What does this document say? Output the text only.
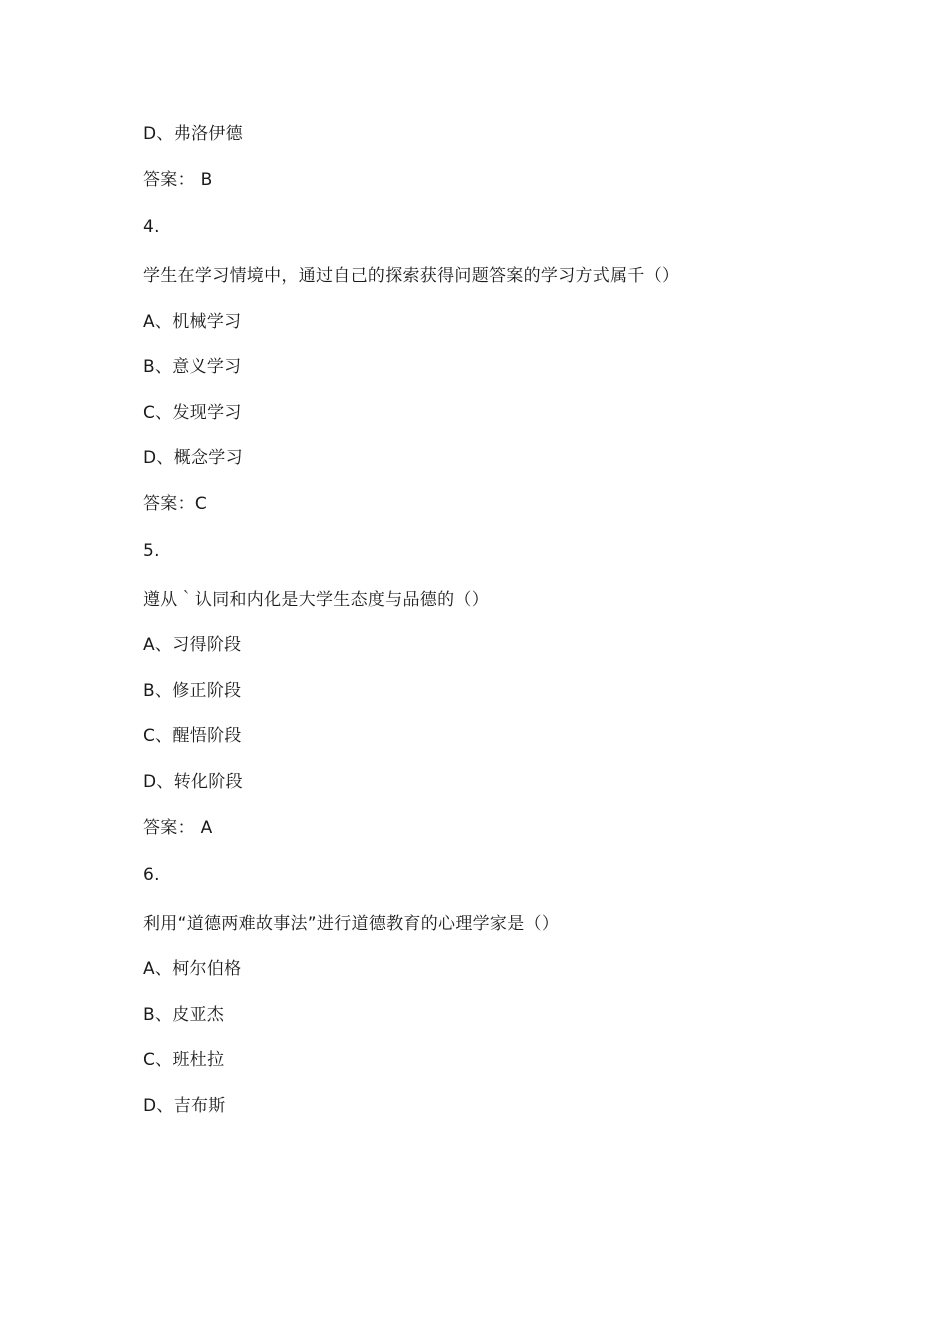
D、弗洛伊德
答案： B
4.
学生在学习情境中，通过自己的探索获得问题答案的学习方式属千（）
A、机械学习
B、意义学习
C、发现学习
D、概念学习
答案：C
5.
遵从｀认同和内化是大学生态度与品德的（）
A、习得阶段
B、修正阶段
C、醒悟阶段
D、转化阶段
答案： A
6.
利用“道德两难故事法”进行道德教育的心理学家是（）
A、柯尔伯格
B、皮亚杰
C、班杜拉
D、吉布斯
